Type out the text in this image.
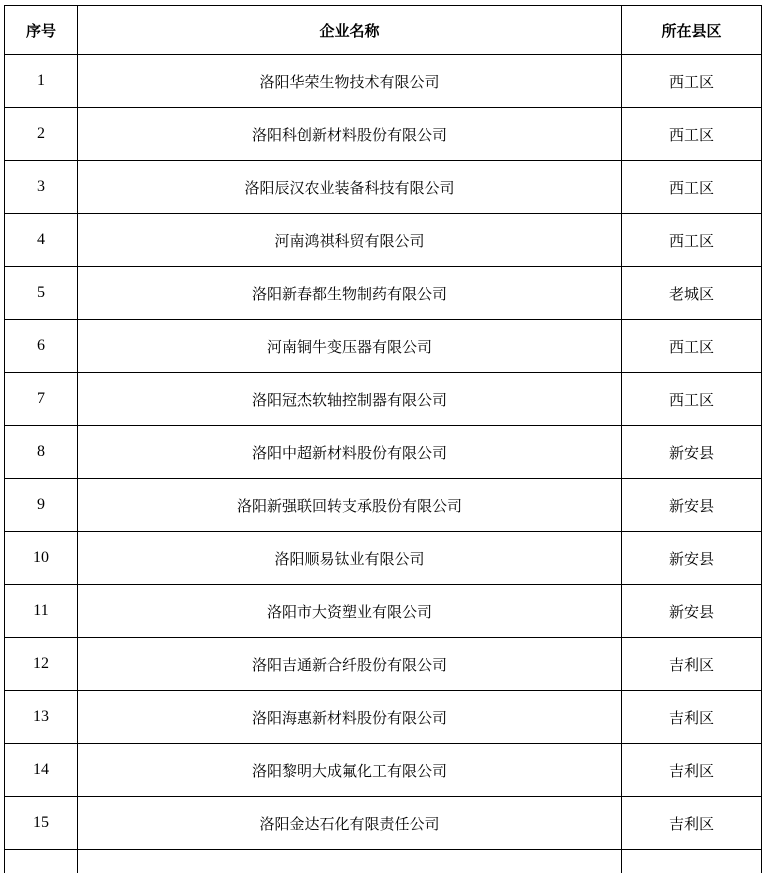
序号	企业名称	所在县区
1	洛阳华荣生物技术有限公司	西工区
2	洛阳科创新材料股份有限公司	西工区
3	洛阳辰汉农业装备科技有限公司	西工区
4	河南鸿祺科贸有限公司	西工区
5	洛阳新春都生物制药有限公司	老城区
6	河南铜牛变压器有限公司	西工区
7	洛阳冠杰软轴控制器有限公司	西工区
8	洛阳中超新材料股份有限公司	新安县
9	洛阳新强联回转支承股份有限公司	新安县
10	洛阳顺易钛业有限公司	新安县
11	洛阳市大资塑业有限公司	新安县
12	洛阳吉通新合纤股份有限公司	吉利区
13	洛阳海惠新材料股份有限公司	吉利区
14	洛阳黎明大成氟化工有限公司	吉利区
15	洛阳金达石化有限责任公司	吉利区
